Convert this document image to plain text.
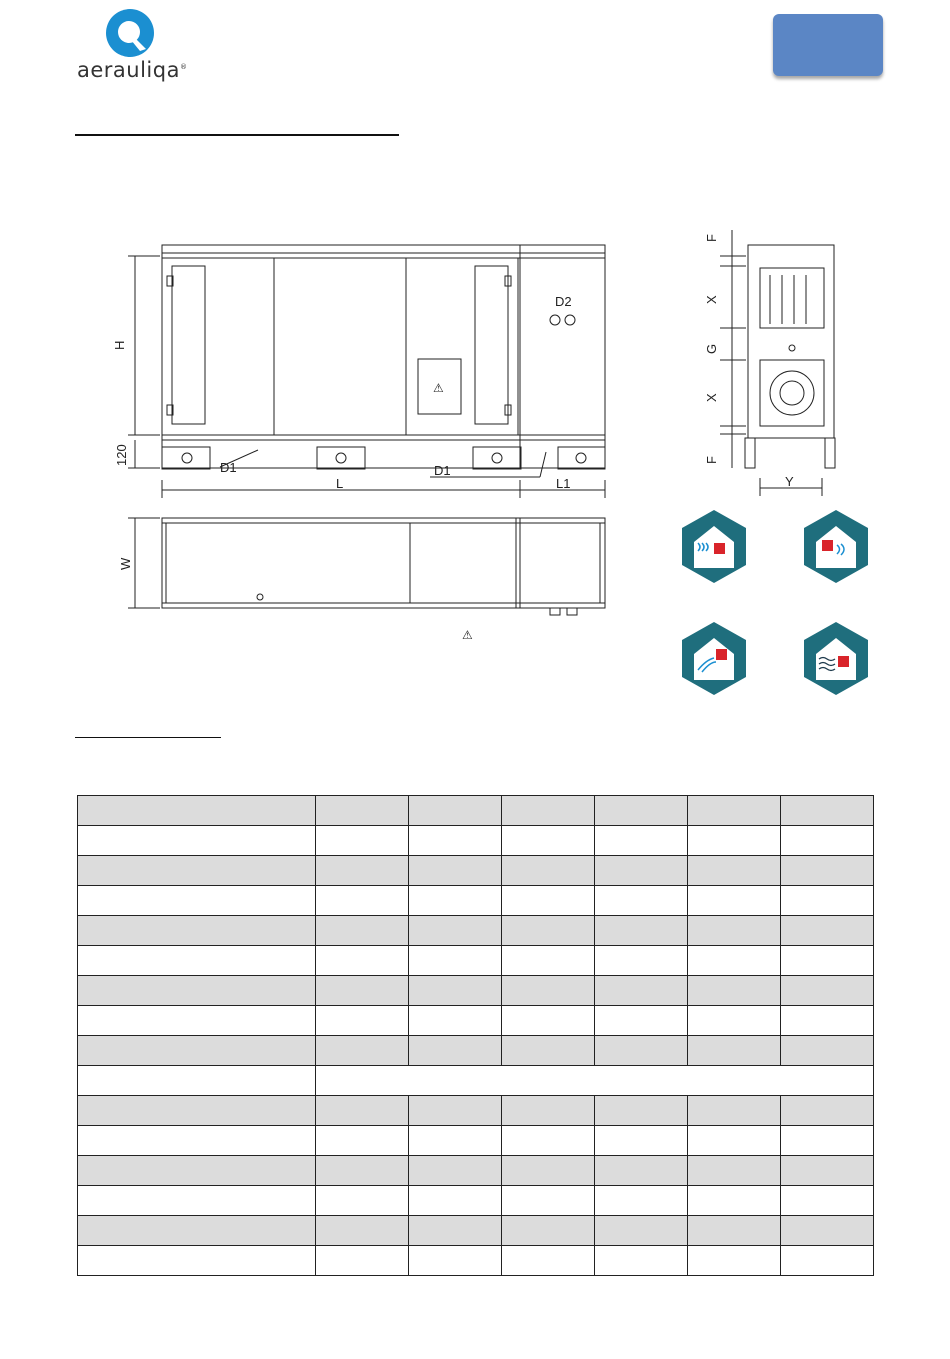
aerauliqa®
H
120
L	L1
D1	D1
D2
W
F
X
G
X
F
Y
⚠
⚠
